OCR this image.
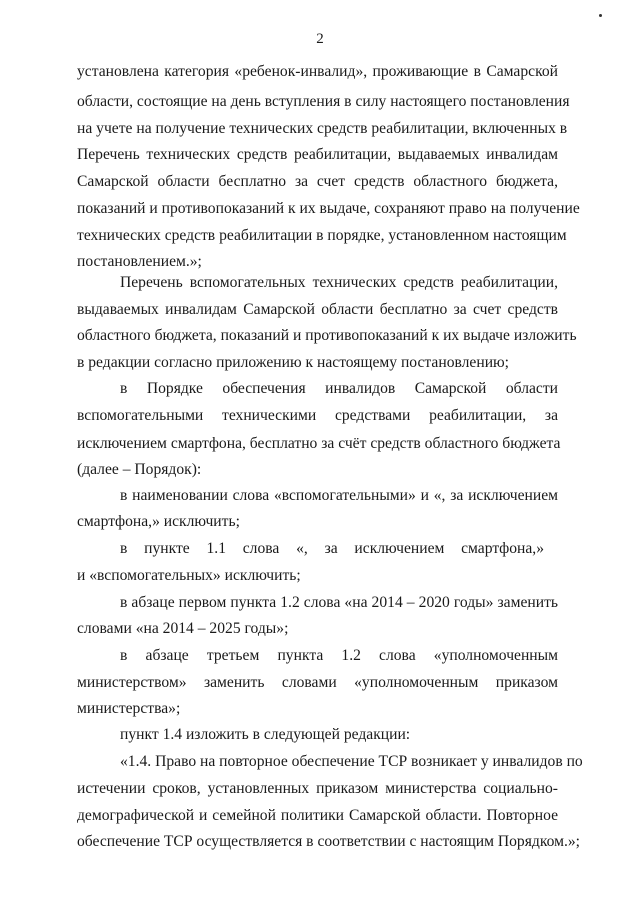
2
установлена категория «ребенок-инвалид», проживающие в Самарской
области, состоящие на день вступления в силу настоящего постановления
на учете на получение технических средств реабилитации, включенных в
Перечень технических средств реабилитации, выдаваемых инвалидам
Самарской области бесплатно за счет средств областного бюджета,
показаний и противопоказаний к их выдаче, сохраняют право на получение
технических средств реабилитации в порядке, установленном настоящим
постановлением.»;
Перечень вспомогательных технических средств реабилитации,
выдаваемых инвалидам Самарской области бесплатно за счет средств
областного бюджета, показаний и противопоказаний к их выдаче изложить
в редакции согласно приложению к настоящему постановлению;
в Порядке обеспечения инвалидов Самарской области
вспомогательными техническими средствами реабилитации, за
исключением смартфона, бесплатно за счёт средств областного бюджета
(далее – Порядок):
в наименовании слова «вспомогательными» и «, за исключением
смартфона,» исключить;
в пункте 1.1 слова «, за исключением смартфона,»
и «вспомогательных» исключить;
в абзаце первом пункта 1.2 слова «на 2014 – 2020 годы» заменить
словами «на 2014 – 2025 годы»;
в абзаце третьем пункта 1.2 слова «уполномоченным
министерством» заменить словами «уполномоченным приказом
министерства»;
пункт 1.4 изложить в следующей редакции:
«1.4. Право на повторное обеспечение ТСР возникает у инвалидов по
истечении сроков, установленных приказом министерства социально-
демографической и семейной политики Самарской области. Повторное
обеспечение ТСР осуществляется в соответствии с настоящим Порядком.»;
